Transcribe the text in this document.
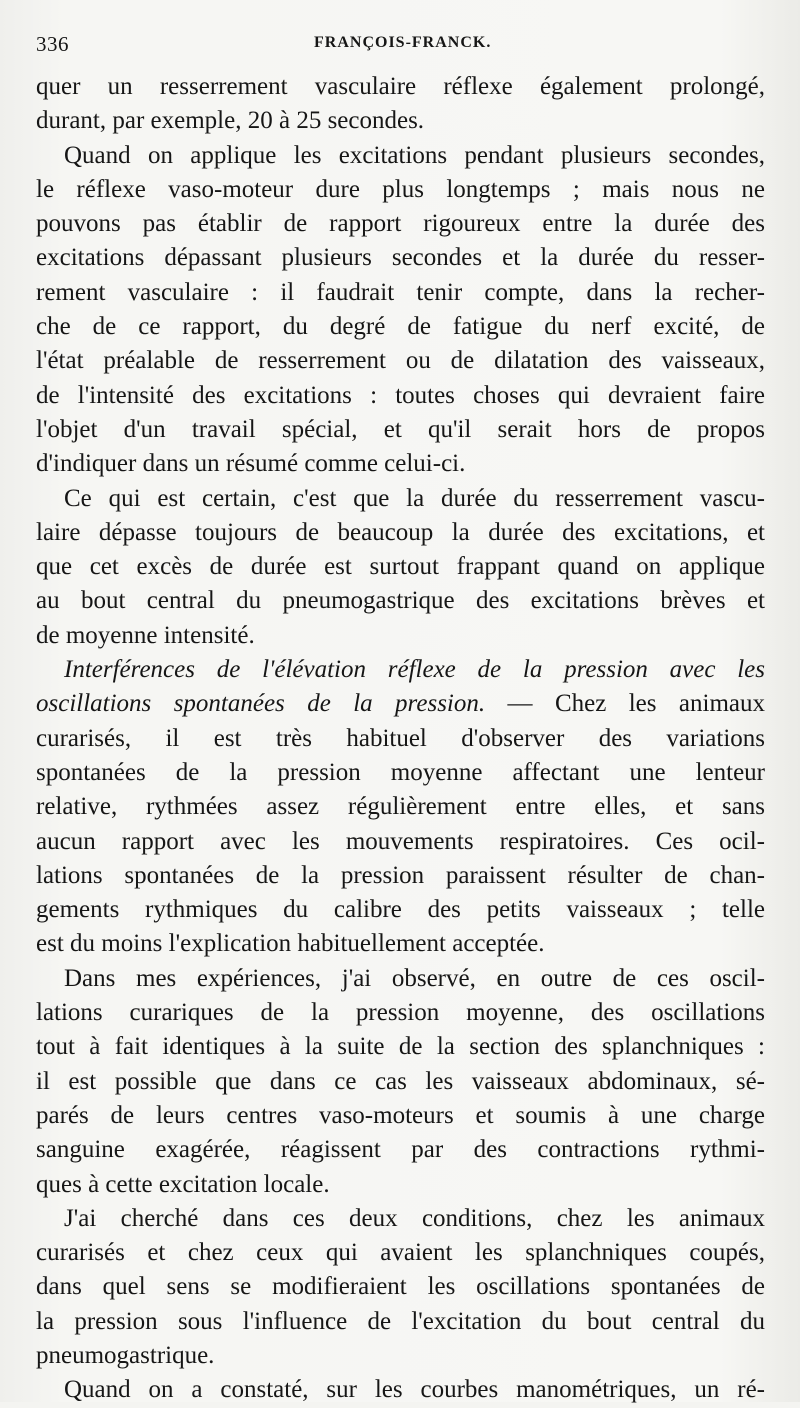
336	FRANÇOIS-FRANCK.
quer un resserrement vasculaire réflexe également prolongé,
durant, par exemple, 20 à 25 secondes.
Quand on applique les excitations pendant plusieurs secondes,
le réflexe vaso-moteur dure plus longtemps ; mais nous ne
pouvons pas établir de rapport rigoureux entre la durée des
excitations dépassant plusieurs secondes et la durée du resser-
rement vasculaire : il faudrait tenir compte, dans la recher-
che de ce rapport, du degré de fatigue du nerf excité, de
l'état préalable de resserrement ou de dilatation des vaisseaux,
de l'intensité des excitations : toutes choses qui devraient faire
l'objet d'un travail spécial, et qu'il serait hors de propos
d'indiquer dans un résumé comme celui-ci.
Ce qui est certain, c'est que la durée du resserrement vascu-
laire dépasse toujours de beaucoup la durée des excitations, et
que cet excès de durée est surtout frappant quand on applique
au bout central du pneumogastrique des excitations brèves et
de moyenne intensité.
Interférences de l'élévation réflexe de la pression avec les
oscillations spontanées de la pression. — Chez les animaux
curarisés, il est très habituel d'observer des variations
spontanées de la pression moyenne affectant une lenteur
relative, rythmées assez régulièrement entre elles, et sans
aucun rapport avec les mouvements respiratoires. Ces ocil-
lations spontanées de la pression paraissent résulter de chan-
gements rythmiques du calibre des petits vaisseaux ; telle
est du moins l'explication habituellement acceptée.
Dans mes expériences, j'ai observé, en outre de ces oscil-
lations curariques de la pression moyenne, des oscillations
tout à fait identiques à la suite de la section des splanchniques :
il est possible que dans ce cas les vaisseaux abdominaux, sé-
parés de leurs centres vaso-moteurs et soumis à une charge
sanguine exagérée, réagissent par des contractions rythmi-
ques à cette excitation locale.
J'ai cherché dans ces deux conditions, chez les animaux
curarisés et chez ceux qui avaient les splanchniques coupés,
dans quel sens se modifieraient les oscillations spontanées de
la pression sous l'influence de l'excitation du bout central du
pneumogastrique.
Quand on a constaté, sur les courbes manométriques, un ré-
